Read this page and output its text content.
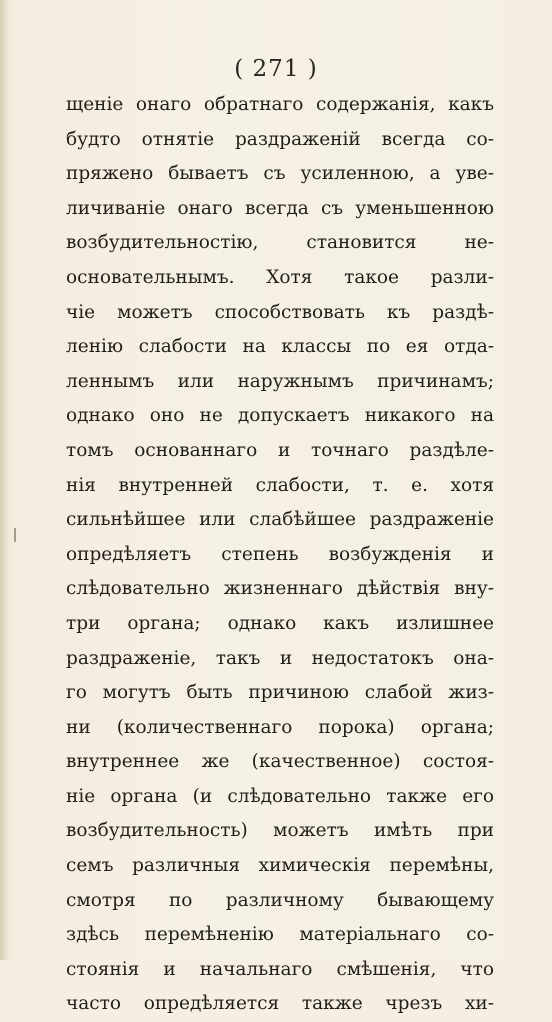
( 271 )
щеніе онаго обратнаго содержанія, какъ
будто отнятіе раздраженій всегда со-
пряжено бываетъ съ усиленною, а уве-
личиваніе онаго всегда съ уменьшенною
возбудительностію, становится не-
основательнымъ. Хотя такое разли-
чіе можетъ способствовать къ раздѣ-
ленію слабости на классы по ея отда-
леннымъ или наружнымъ причинамъ;
однако оно не допускаетъ никакого на
томъ основаннаго и точнаго раздѣле-
нія внутренней слабости, т. е. хотя
сильнѣйшее или слабѣйшее раздраженіе
опредѣляетъ степень возбужденія и
слѣдовательно жизненнаго дѣйствія вну-
три органа; однако какъ излишнее
раздраженіе, такъ и недостатокъ она-
го могутъ быть причиною слабой жиз-
ни (количественнаго порока) органа;
внутреннее же (качественное) состоя-
ніе органа (и слѣдовательно также его
возбудительность) можетъ имѣть при
семъ различныя химическія перемѣны,
смотря по различному бывающему
здѣсь перемѣненію матеріальнаго со-
стоянія и начальнаго смѣшенія, что
часто опредѣляется также чрезъ хи-
